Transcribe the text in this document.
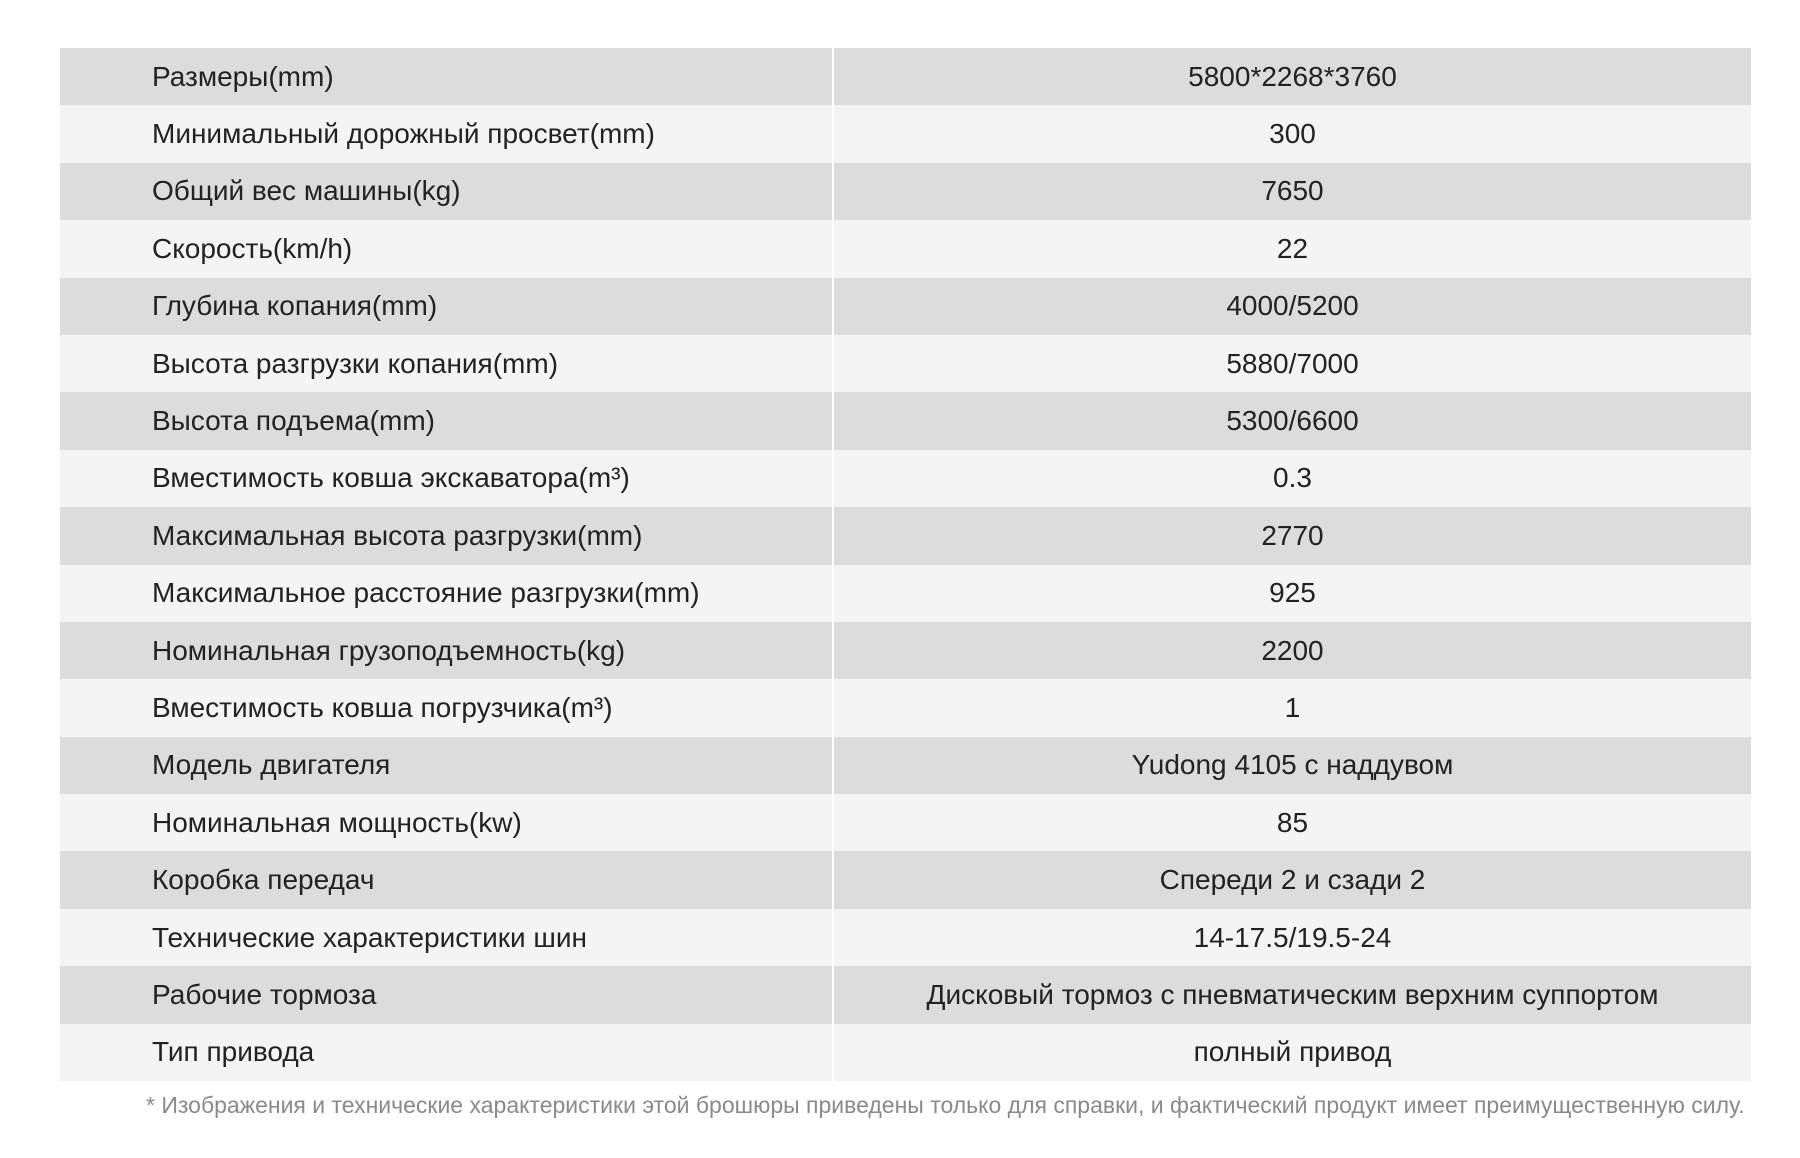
Размеры(mm)	5800*2268*3760
Минимальный дорожный просвет(mm)	300
Общий вес машины(kg)	7650
Скорость(km/h)	22
Глубина копания(mm)	4000/5200
Высота разгрузки копания(mm)	5880/7000
Высота подъема(mm)	5300/6600
Вместимость ковша экскаватора(m³)	0.3
Максимальная высота разгрузки(mm)	2770
Максимальное расстояние разгрузки(mm)	925
Номинальная грузоподъемность(kg)	2200
Вместимость ковша погрузчика(m³)	1
Модель двигателя	Yudong 4105 с наддувом
Номинальная мощность(kw)	85
Коробка передач	Спереди 2 и сзади 2
Технические характеристики шин	14-17.5/19.5-24
Рабочие тормоза	Дисковый тормоз с пневматическим верхним суппортом
Тип привода	полный привод
* Изображения и технические характеристики этой брошюры приведены только для справки, и фактический продукт имеет преимущественную силу.
